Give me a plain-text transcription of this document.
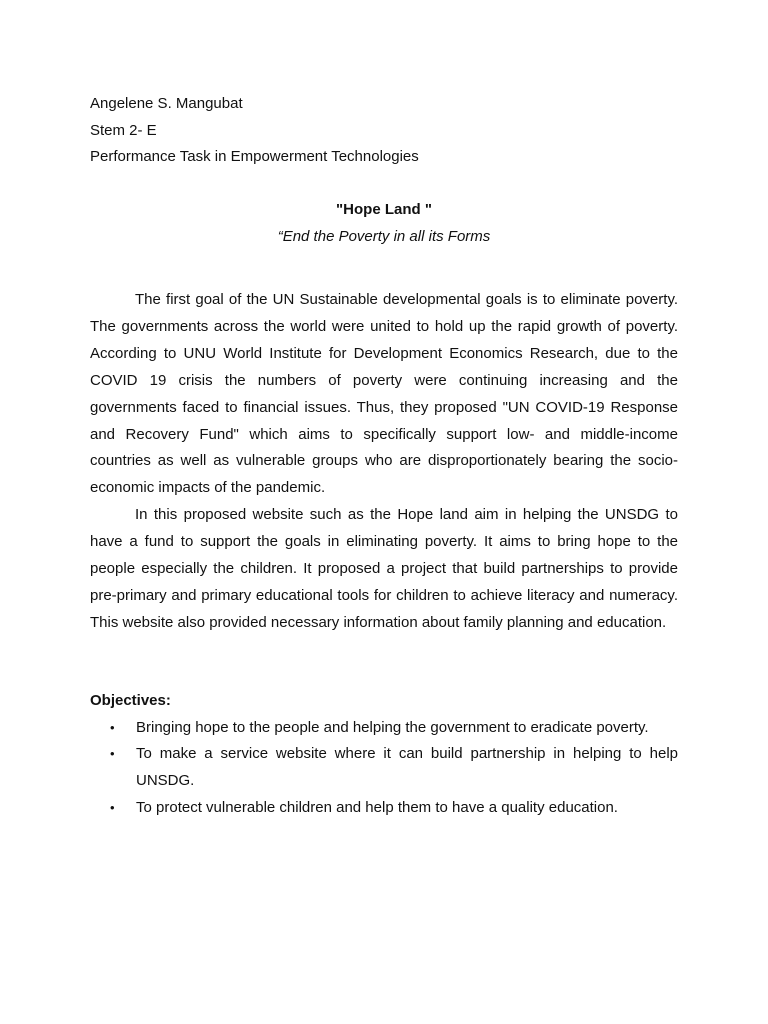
Angelene S. Mangubat
Stem 2- E
Performance Task in Empowerment Technologies
"Hope Land "
“End the Poverty in all its Forms

The first goal of the UN Sustainable developmental goals is to eliminate poverty. The governments across the world were united to hold up the rapid growth of poverty. According to UNU World Institute for Development Economics Research, due to the COVID 19 crisis the numbers of poverty were continuing increasing and the governments faced to financial issues. Thus, they proposed "UN COVID-19 Response and Recovery Fund" which aims to specifically support low- and middle-income countries as well as vulnerable groups who are disproportionately bearing the socio-economic impacts of the pandemic.

In this proposed website such as the Hope land aim in helping the UNSDG to have a fund to support the goals in eliminating poverty. It aims to bring hope to the people especially the children. It proposed a project that build partnerships to provide pre-primary and primary educational tools for children to achieve literacy and numeracy. This website also provided necessary information about family planning and education.

Objectives:
• Bringing hope to the people and helping the government to eradicate poverty.
• To make a service website where it can build partnership in helping to help UNSDG.
• To protect vulnerable children and help them to have a quality education.
